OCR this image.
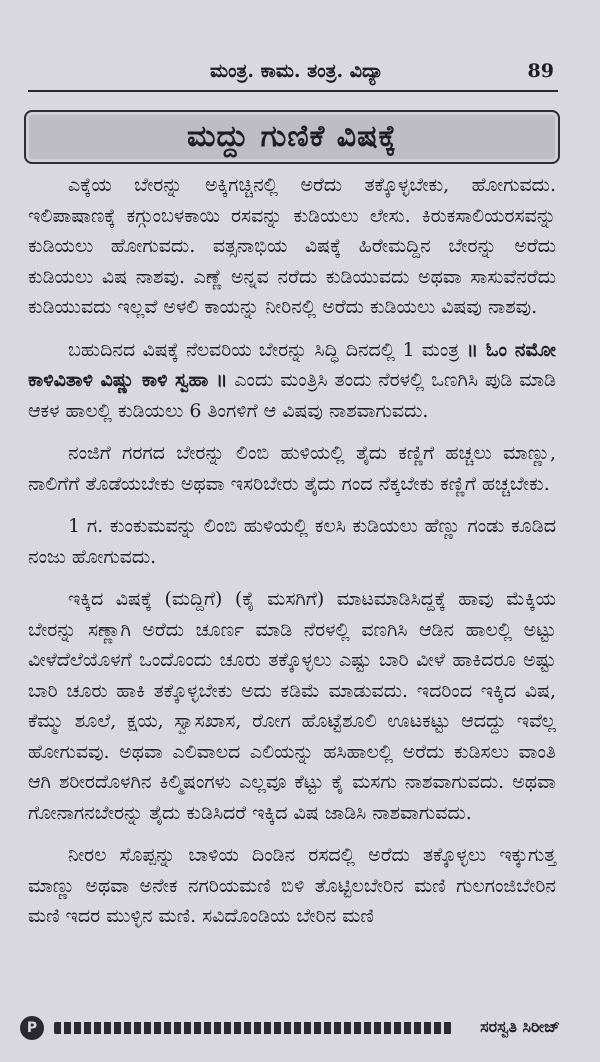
ಮಂತ್ರ. ಕಾಮ. ತಂತ್ರ. ವಿದ್ಯಾ	89
ಮದ್ದು ಗುಣಿಕೆ ವಿಷಕ್ಕೆ

ಎಕ್ಕೆಯ ಬೇರನ್ನು ಅಕ್ಕಿಗಚ್ಚಿನಲ್ಲಿ ಅರೆದು ತಕ್ಕೊಳ್ಳಬೇಕು, ಹೋಗುವದು. ಇಲಿಪಾಷಾಣಕ್ಕೆ ಕಗ್ಗುಂಬಳಕಾಯಿ ರಸವನ್ನು ಕುಡಿಯಲು ಲೇಸು. ಕಿರುಕಸಾಲಿಯರಸವನ್ನು ಕುಡಿಯಲು ಹೋಗುವದು. ವತ್ಸನಾಭಿಯ ವಿಷಕ್ಕೆ ಹಿರೇಮದ್ದಿನ ಬೇರನ್ನು ಅರೆದು ಕುಡಿಯಲು ವಿಷ ನಾಶವು. ಎಣ್ಣೆ ಅನ್ನವ ನರೆದು ಕುಡಿಯುವದು ಅಥವಾ ಸಾಸುವೆನರೆದು ಕುಡಿಯುವದು ಇಲ್ಲವೆ ಅಳಲಿ ಕಾಯನ್ನು ನೀರಿನಲ್ಲಿ ಅರೆದು ಕುಡಿಯಲು ವಿಷವು ನಾಶವು.

ಬಹುದಿನದ ವಿಷಕ್ಕೆ ನೆಲವರಿಯ ಬೇರನ್ನು ಸಿದ್ಧಿ ದಿನದಲ್ಲಿ 1 ಮಂತ್ರ ॥ ಓಂ ನಮೋ ಕಾಳಿವಿತಾಳಿ ವಿಷ್ಣು ಕಾಳಿ ಸ್ವಹಾ ॥ ಎಂದು ಮಂತ್ರಿಸಿ ತಂದು ನೆರಳಲ್ಲಿ ಒಣಗಿಸಿ ಪುಡಿ ಮಾಡಿ ಆಕಳ ಹಾಲಲ್ಲಿ ಕುಡಿಯಲು 6 ತಿಂಗಳಿಗೆ ಆ ವಿಷವು ನಾಶವಾಗುವದು.

ನಂಜಿಗೆ ಗರಗದ ಬೇರನ್ನು ಲಿಂಬಿ ಹುಳಿಯಲ್ಲಿ ತೈದು ಕಣ್ಣಿಗೆ ಹಚ್ಚಲು ಮಾಣ್ಣು, ನಾಲಿಗೆಗೆ ತೊಡೆಯಬೇಕು ಅಥವಾ ಇಸರಿಬೇರು ತೈದು ಗಂದ ನೆಕ್ಕಬೇಕು ಕಣ್ಣಿಗೆ ಹಚ್ಚಬೇಕು.

1 ಗ. ಕುಂಕುಮವನ್ನು ಲಿಂಬಿ ಹುಳಿಯಲ್ಲಿ ಕಲಸಿ ಕುಡಿಯಲು ಹೆಣ್ಣು ಗಂಡು ಕೂಡಿದ ನಂಜು ಹೋಗುವದು.

ಇಕ್ಕಿದ ವಿಷಕ್ಕೆ (ಮದ್ದಿಗೆ) (ಕೈ ಮಸಗಿಗೆ) ಮಾಟಮಾಡಿಸಿದ್ದಕ್ಕೆ ಹಾವು ಮೆಕ್ಕಿಯ ಬೇರನ್ನು ಸಣ್ಣಾಗಿ ಅರೆದು ಚೂರ್ಣ ಮಾಡಿ ನೆರಳಲ್ಲಿ ವಣಗಿಸಿ ಆಡಿನ ಹಾಲಲ್ಲಿ ಅಟ್ಟು ವೀಳೆದೆಲೆಯೊಳಗೆ ಒಂದೊಂದು ಚೂರು ತಕ್ಕೊಳ್ಳಲು ಎಷ್ಟು ಬಾರಿ ವೀಳೆ ಹಾಕಿದರೂ ಅಷ್ಟು ಬಾರಿ ಚೂರು ಹಾಕಿ ತಕ್ಕೊಳ್ಳಬೇಕು ಅದು ಕಡಿಮೆ ಮಾಡುವದು. ಇದರಿಂದ ಇಕ್ಕಿದ ವಿಷ, ಕೆಮ್ಮು ಶೂಲೆ, ಕ್ಷಯ, ಸ್ವಾಸಖಾಸ, ರೋಗ ಹೊಟ್ಟೆಶೂಲಿ ಊಟಕಟ್ಟು ಆದದ್ದು ಇವೆಲ್ಲ ಹೋಗುವವು. ಅಥವಾ ಎಲಿವಾಲದ ಎಲಿಯನ್ನು ಹಸಿಹಾಲಲ್ಲಿ ಅರೆದು ಕುಡಿಸಲು ವಾಂತಿ ಆಗಿ ಶರೀರದೊಳಗಿನ ಕಿಲ್ಮಿಷಂಗಳು ಎಲ್ಲವೂ ಕೆಟ್ಟು ಕೈ ಮಸಗು ನಾಶವಾಗುವದು. ಅಥವಾ ಗೋನಾಗನಬೇರನ್ನು ತೈದು ಕುಡಿಸಿದರೆ ಇಕ್ಕಿದ ವಿಷ ಜಾಡಿಸಿ ನಾಶವಾಗುವದು.

ನೀರಲ ಸೊಪ್ಪನ್ನು ಬಾಳಿಯ ದಿಂಡಿನ ರಸದಲ್ಲಿ ಅರೆದು ತಕ್ಕೊಳ್ಳಲು ಇಕ್ಕುಗುತ್ತ ಮಾಣ್ಣು ಅಥವಾ ಅನೇಕ ನಗರಿಯಮಣಿ ಬಿಳಿ ತೊಟ್ಟಿಲಬೇರಿನ ಮಣಿ ಗುಲಗಂಜಿಬೇರಿನ ಮಣಿ ಇದರ ಮುಳ್ಳಿನ ಮಣಿ. ಸವಿದೊಂಡಿಯ ಬೇರಿನ ಮಣಿ

P	ಸರಸ್ವತಿ ಸಿರೀಜ್
